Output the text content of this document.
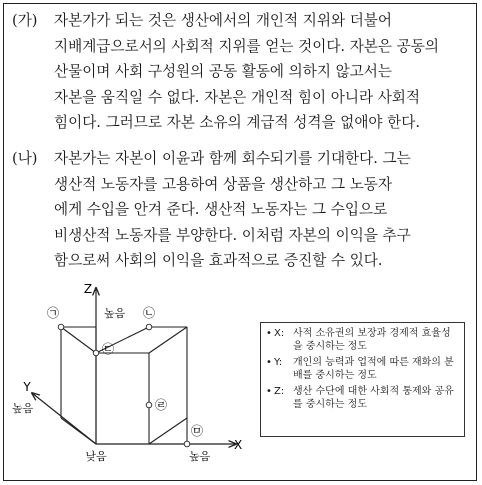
(가)	자본가가 되는 것은 생산에서의 개인적 지위와 더불어
지배계급으로서의 사회적 지위를 얻는 것이다. 자본은 공동의
산물이며 사회 구성원의 공동 활동에 의하지 않고서는
자본을 움직일 수 없다. 자본은 개인적 힘이 아니라 사회적
힘이다. 그러므로 자본 소유의 계급적 성격을 없애야 한다.
(나)	자본가는 자본이 이윤과 함께 회수되기를 기대한다. 그는
생산적 노동자를 고용하여 상품을 생산하고 그 노동자
에게 수입을 안겨 준다. 생산적 노동자는 그 수입으로
비생산적 노동자를 부양한다. 이처럼 자본의 이익을 추구
함으로써 사회의 이익을 효과적으로 증진할 수 있다.
Z
X
Y
높음
높음
낮음	높음
㉠	㉡
㉢
㉣
㉤
• X: 사적 소유권의 보장과 경제적 효율성을 중시하는 정도
• Y:	개인의 능력과 업적에 따른 재화의 분배를 중시하는 정도
• Z: 생산 수단에 대한 사회적 통제와 공유를 중시하는 정도
